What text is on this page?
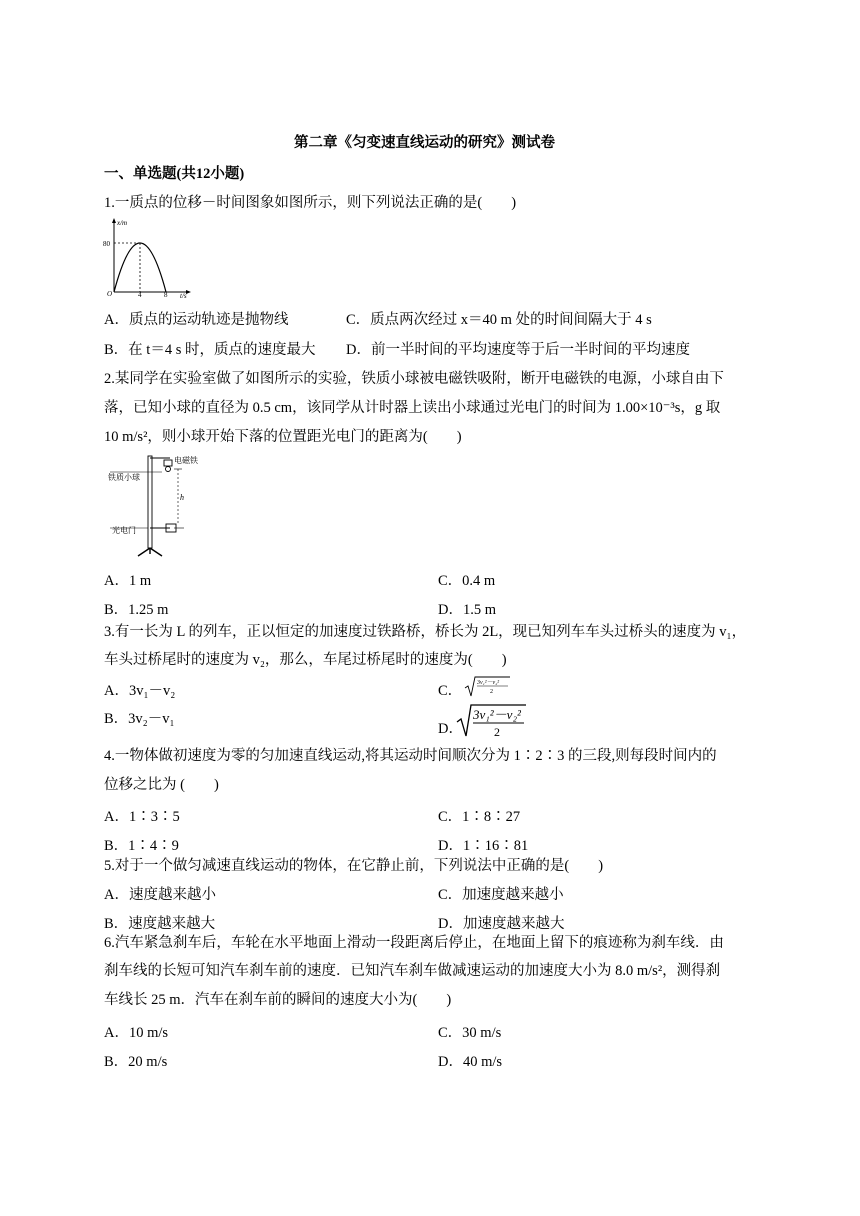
第二章《匀变速直线运动的研究》测试卷
一、单选题(共12小题)
1.一质点的位移－时间图象如图所示，则下列说法正确的是(　　)
x/m
80
O	4	8 t/s
A．质点的运动轨迹是抛物线	C．质点两次经过 x＝40 m 处的时间间隔大于 4 s
B．在 t＝4 s 时，质点的速度最大 D．前一半时间的平均速度等于后一半时间的平均速度
2.某同学在实验室做了如图所示的实验，铁质小球被电磁铁吸附，断开电磁铁的电源，小球自由下
落，已知小球的直径为 0.5 cm，该同学从计时器上读出小球通过光电门的时间为 1.00×10⁻³s，g 取
10 m/s²，则小球开始下落的位置距光电门的距离为(　　)
电磁铁
铁质小球
h
光电门
A．1 m	C．0.4 m
B．1.25 m	D．1.5 m
3.有一长为 L 的列车，正以恒定的加速度过铁路桥，桥长为 2L，现已知列车车头过桥头的速度为 v₁，
车头过桥尾时的速度为 v₂，那么，车尾过桥尾时的速度为(　　)
A．3v₁－v₂	C． 3v₁²－v₂²
2
B．3v₂－v₁
D．
3v₁²－v₂²
2
4.一物体做初速度为零的匀加速直线运动,将其运动时间顺次分为 1∶2∶3 的三段,则每段时间内的
位移之比为 (　　)
A．1∶3∶5	C．1∶8∶27
B．1∶4∶9	D．1∶16∶81
5.对于一个做匀减速直线运动的物体，在它静止前，下列说法中正确的是(　　)
A．速度越来越小	C．加速度越来越小
B．速度越来越大	D．加速度越来越大
6.汽车紧急刹车后，车轮在水平地面上滑动一段距离后停止，在地面上留下的痕迹称为刹车线．由
刹车线的长短可知汽车刹车前的速度．已知汽车刹车做减速运动的加速度大小为 8.0 m/s²，测得刹
车线长 25 m．汽车在刹车前的瞬间的速度大小为(　　)
A．10 m/s	C．30 m/s
B．20 m/s	D．40 m/s
